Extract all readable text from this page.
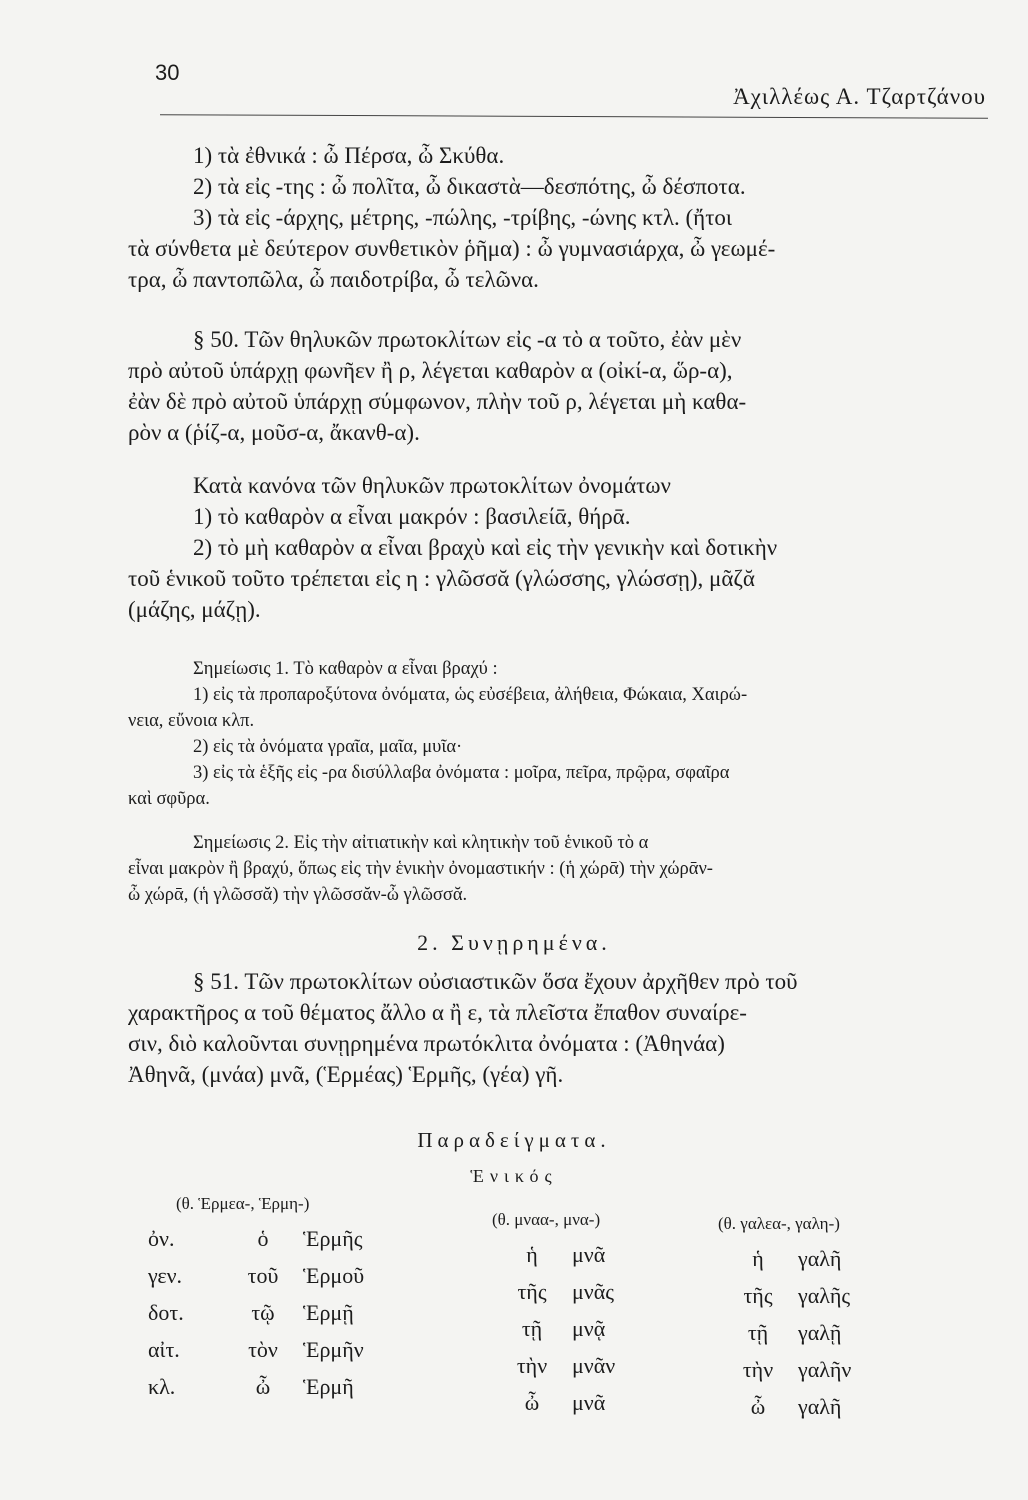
30
Ἀχιλλέως Α. Τζαρτζάνου
1) τὰ ἐθνικά : ὦ Πέρσα, ὦ Σκύθα.
2) τὰ εἰς -της : ὦ πολῖτα, ὦ δικαστὰ—δεσπότης, ὦ δέσποτα.
3) τὰ εἰς -άρχης, μέτρης, -πώλης, -τρίβης, -ώνης κτλ. (ἤτοι
τὰ σύνθετα μὲ δεύτερον συνθετικὸν ῥῆμα) : ὦ γυμνασιάρχα, ὦ γεωμέ-
τρα, ὦ παντοπῶλα, ὦ παιδοτρίβα, ὦ τελῶνα.
§ 50. Τῶν θηλυκῶν πρωτοκλίτων εἰς -α τὸ α τοῦτο, ἐὰν μὲν
πρὸ αὐτοῦ ὑπάρχῃ φωνῆεν ἢ ρ, λέγεται καθαρὸν α (οἰκί-α, ὥρ-α),
ἐὰν δὲ πρὸ αὐτοῦ ὑπάρχῃ σύμφωνον, πλὴν τοῦ ρ, λέγεται μὴ καθα-
ρὸν α (ῥίζ-α, μοῦσ-α, ἄκανθ-α).
Κατὰ κανόνα τῶν θηλυκῶν πρωτοκλίτων ὀνομάτων
1) τὸ καθαρὸν α εἶναι μακρόν : βασιλείᾱ, θήρᾱ.
2) τὸ μὴ καθαρὸν α εἶναι βραχὺ καὶ εἰς τὴν γενικὴν καὶ δοτικὴν
τοῦ ἑνικοῦ τοῦτο τρέπεται εἰς η : γλῶσσᾰ (γλώσσης, γλώσσῃ), μᾶζᾰ
(μάζης, μάζῃ).
Σημείωσις 1. Τὸ καθαρὸν α εἶναι βραχύ :
1) εἰς τὰ προπαροξύτονα ὀνόματα, ὡς εὐσέβεια, ἀλήθεια, Φώκαια, Χαιρώ-
νεια, εὔνοια κλπ.
2) εἰς τὰ ὀνόματα γραῖα, μαῖα, μυῖα·
3) εἰς τὰ ἑξῆς εἰς -ρα δισύλλαβα ὀνόματα : μοῖρα, πεῖρα, πρῷρα, σφαῖρα
καὶ σφῦρα.
Σημείωσις 2. Εἰς τὴν αἰτιατικὴν καὶ κλητικὴν τοῦ ἑνικοῦ τὸ α
εἶναι μακρὸν ἢ βραχύ, ὅπως εἰς τὴν ἑνικὴν ὀνομαστικήν : (ἡ χώρᾱ) τὴν χώρᾱν-
ὦ χώρᾱ, (ἡ γλῶσσᾰ) τὴν γλῶσσᾰν-ὦ γλῶσσᾰ.
2. Συνῃρημένα.
§ 51. Τῶν πρωτοκλίτων οὐσιαστικῶν ὅσα ἔχουν ἀρχῆθεν πρὸ τοῦ
χαρακτῆρος α τοῦ θέματος ἄλλο α ἢ ε, τὰ πλεῖστα ἔπαθον συναίρε-
σιν, διὸ καλοῦνται συνῃρημένα πρωτόκλιτα ὀνόματα : (Ἀθηνάα)
Ἀθηνᾶ, (μνάα) μνᾶ, (Ἑρμέας) Ἑρμῆς, (γέα) γῆ.
Παραδείγματα.
Ἑνικός
(θ. Ἑρμεα-, Ἑρμη-)
ὀν.	ὁ	Ἑρμῆς
γεν.	τοῦ	Ἑρμοῦ
δοτ.	τῷ	Ἑρμῇ
αἰτ.	τὸν	Ἑρμῆν
κλ.	ὦ	Ἑρμῆ
(θ. μναα-, μνα-)
ἡ	μνᾶ
τῆς	μνᾶς
τῇ	μνᾷ
τὴν	μνᾶν
ὦ	μνᾶ
(θ. γαλεα-, γαλη-)
ἡ	γαλῆ
τῆς	γαλῆς
τῇ	γαλῇ
τὴν	γαλῆν
ὦ	γαλῆ
